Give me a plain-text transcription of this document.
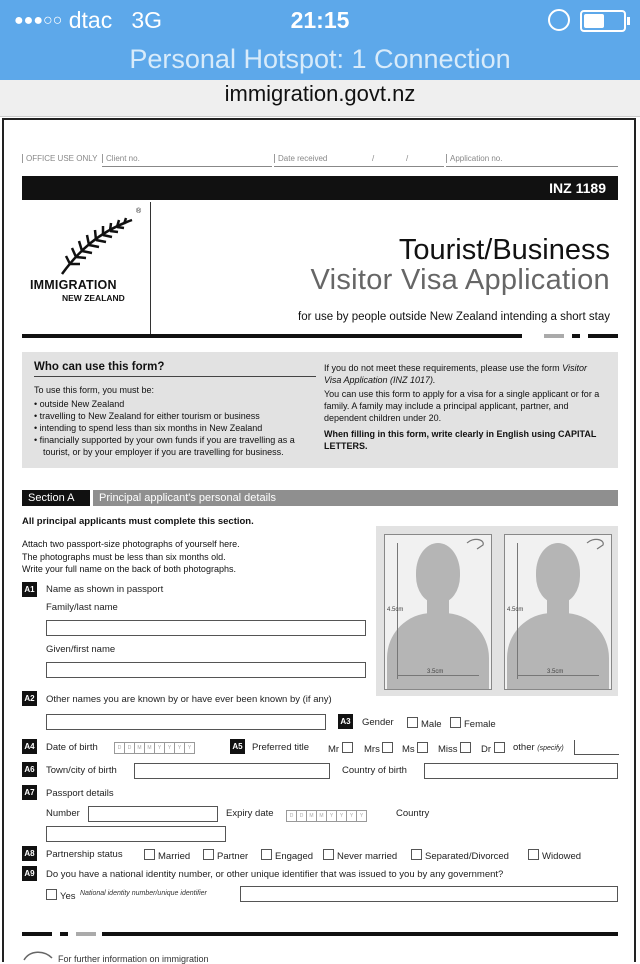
●●●○○ dtac 3G	21:15
Personal Hotspot: 1 Connection
immigration.govt.nz
OFFICE USE ONLY	Client no.	Date received	/	/	Application no.
INZ 1189
®
IMMIGRATION
NEW ZEALAND
Tourist/Business
Visitor Visa Application
for use by people outside New Zealand intending a short stay
Who can use this form?
To use this form, you must be:
• outside New Zealand
• travelling to New Zealand for either tourism or business
• intending to spend less than six months in New Zealand
• financially supported by your own funds if you are travelling as a tourist, or by your employer if you are travelling for business.
If you do not meet these requirements, please use the form Visitor Visa Application (INZ 1017).
You can use this form to apply for a visa for a single applicant or for a family. A family may include a principal applicant, partner, and dependent children under 20.
When filling in this form, write clearly in English using CAPITAL LETTERS.
Section A	Principal applicant's personal details
All principal applicants must complete this section.
Attach two passport-size photographs of yourself here.
The photographs must be less than six months old.
Write your full name on the back of both photographs.
4.5cm
3.5cm
4.5cm
3.5cm
A1 Name as shown in passport
Family/last name
Given/first name
A2 Other names you are known by or have ever been known by (if any)
A3 Gender	Male	Female
A4 Date of birth	D	D	M	M	Y	Y	Y	Y	A5 Preferred title Mr	Mrs	Ms	Miss	Dr	other (specify)
A6 Town/city of birth	Country of birth
A7 Passport details
Number	Expiry date	D	D	M	M	Y	Y	Y	Y	Country
A8 Partnership status	Married	Partner	Engaged	Never married	Separated/Divorced	Widowed
A9 Do you have a national identity number, or other unique identifier that was issued to you by any government?
Yes National identity number/unique identifier
For further information on immigration
